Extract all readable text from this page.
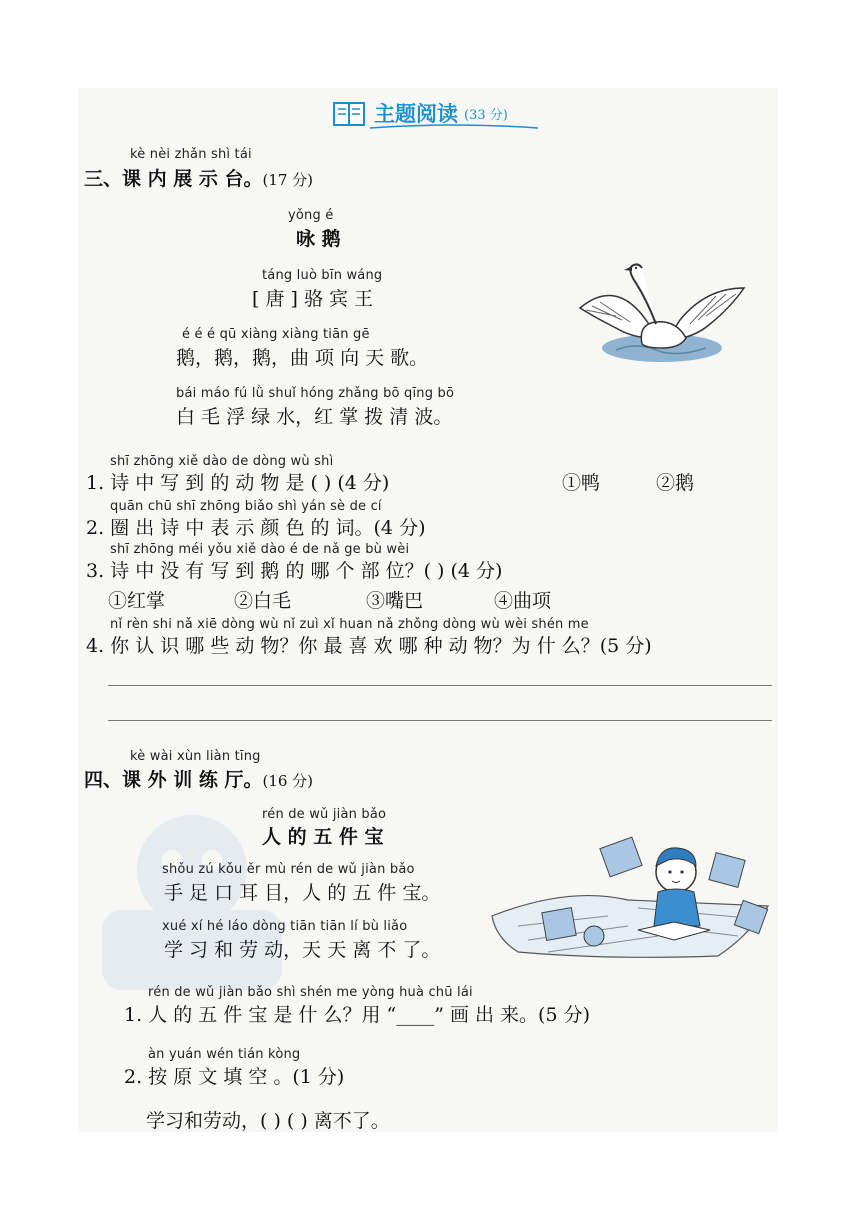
主题阅读 (33 分)
kè nèi zhǎn shì tái
三、课 内 展 示 台。(17 分)
yǒng é
咏 鹅
táng luò bīn wáng
[ 唐 ] 骆 宾 王
é é é qū xiàng xiàng tiān gē
鹅，鹅，鹅，曲 项 向 天 歌。
bái máo fú lǜ shuǐ hóng zhǎng bō qīng bō
白 毛 浮 绿 水，红 掌 拨 清 波。
shī zhōng xiě dào de dòng wù shì
1. 诗 中 写 到 的 动 物 是 ( ) (4 分)	①鸭	②鹅
quān chū shī zhōng biǎo shì yán sè de cí
2. 圈 出 诗 中 表 示 颜 色 的 词。(4 分)
shī zhōng méi yǒu xiě dào é de nǎ ge bù wèi
3. 诗 中 没 有 写 到 鹅 的 哪 个 部 位？( ) (4 分)
①红掌	②白毛	③嘴巴	④曲项
nǐ rèn shi nǎ xiē dòng wù nǐ zuì xǐ huan nǎ zhǒng dòng wù wèi shén me
4. 你 认 识 哪 些 动 物？你 最 喜 欢 哪 种 动 物？为 什 么？(5 分)
kè wài xùn liàn tīng
四、课 外 训 练 厅。(16 分)
rén de wǔ jiàn bǎo
人 的 五 件 宝
shǒu zú kǒu ěr mù rén de wǔ jiàn bǎo
手 足 口 耳 目，人 的 五 件 宝。
xué xí hé láo dòng tiān tiān lí bù liǎo
学 习 和 劳 动，天 天 离 不 了。
rén de wǔ jiàn bǎo shì shén me yòng huà chū lái
1. 人 的 五 件 宝 是 什 么？用 “____” 画 出 来。(5 分)
àn yuán wén tián kòng
2. 按 原 文 填 空 。(1 分)
学习和劳动，( ) ( ) 离不了。
